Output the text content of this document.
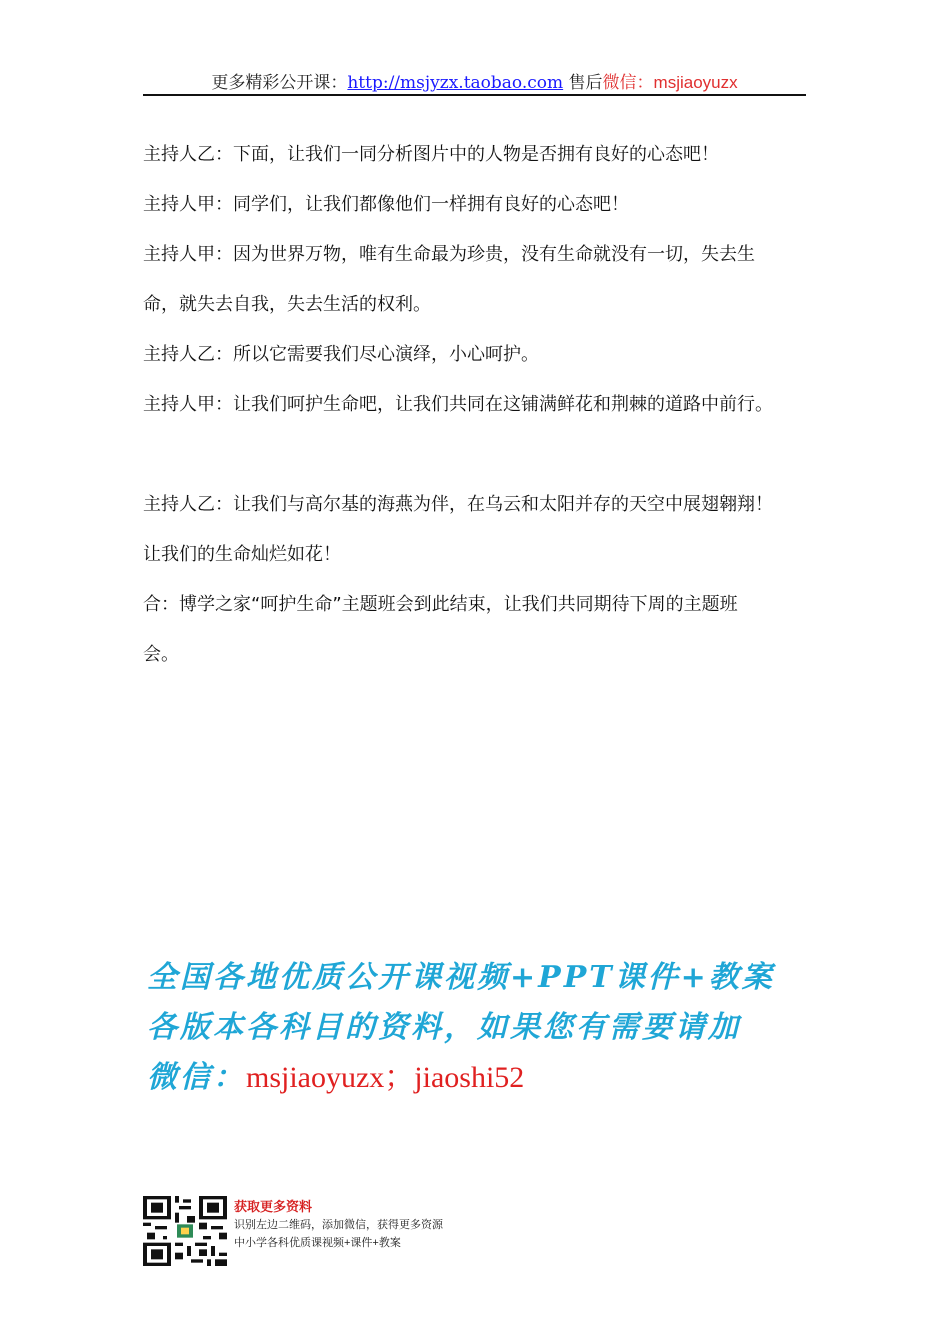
更多精彩公开课：http://msjyzx.taobao.com 售后微信：msjiaoyuzx

主持人乙：下面，让我们一同分析图片中的人物是否拥有良好的心态吧！

主持人甲：同学们，让我们都像他们一样拥有良好的心态吧！

主持人甲：因为世界万物，唯有生命最为珍贵，没有生命就没有一切，失去生

命，就失去自我，失去生活的权利。

主持人乙：所以它需要我们尽心演绎，小心呵护。

主持人甲：让我们呵护生命吧，让我们共同在这铺满鲜花和荆棘的道路中前行。

主持人乙：让我们与高尔基的海燕为伴，在乌云和太阳并存的天空中展翅翱翔！

让我们的生命灿烂如花！

合：博学之家“呵护生命”主题班会到此结束，让我们共同期待下周的主题班

会。

全国各地优质公开课视频+PPT课件+教案
各版本各科目的资料，如果您有需要请加
微信：msjiaoyuzx；jiaoshi52
获取更多资料
识别左边二维码，添加微信，获得更多资源
中小学各科优质课视频+课件+教案
